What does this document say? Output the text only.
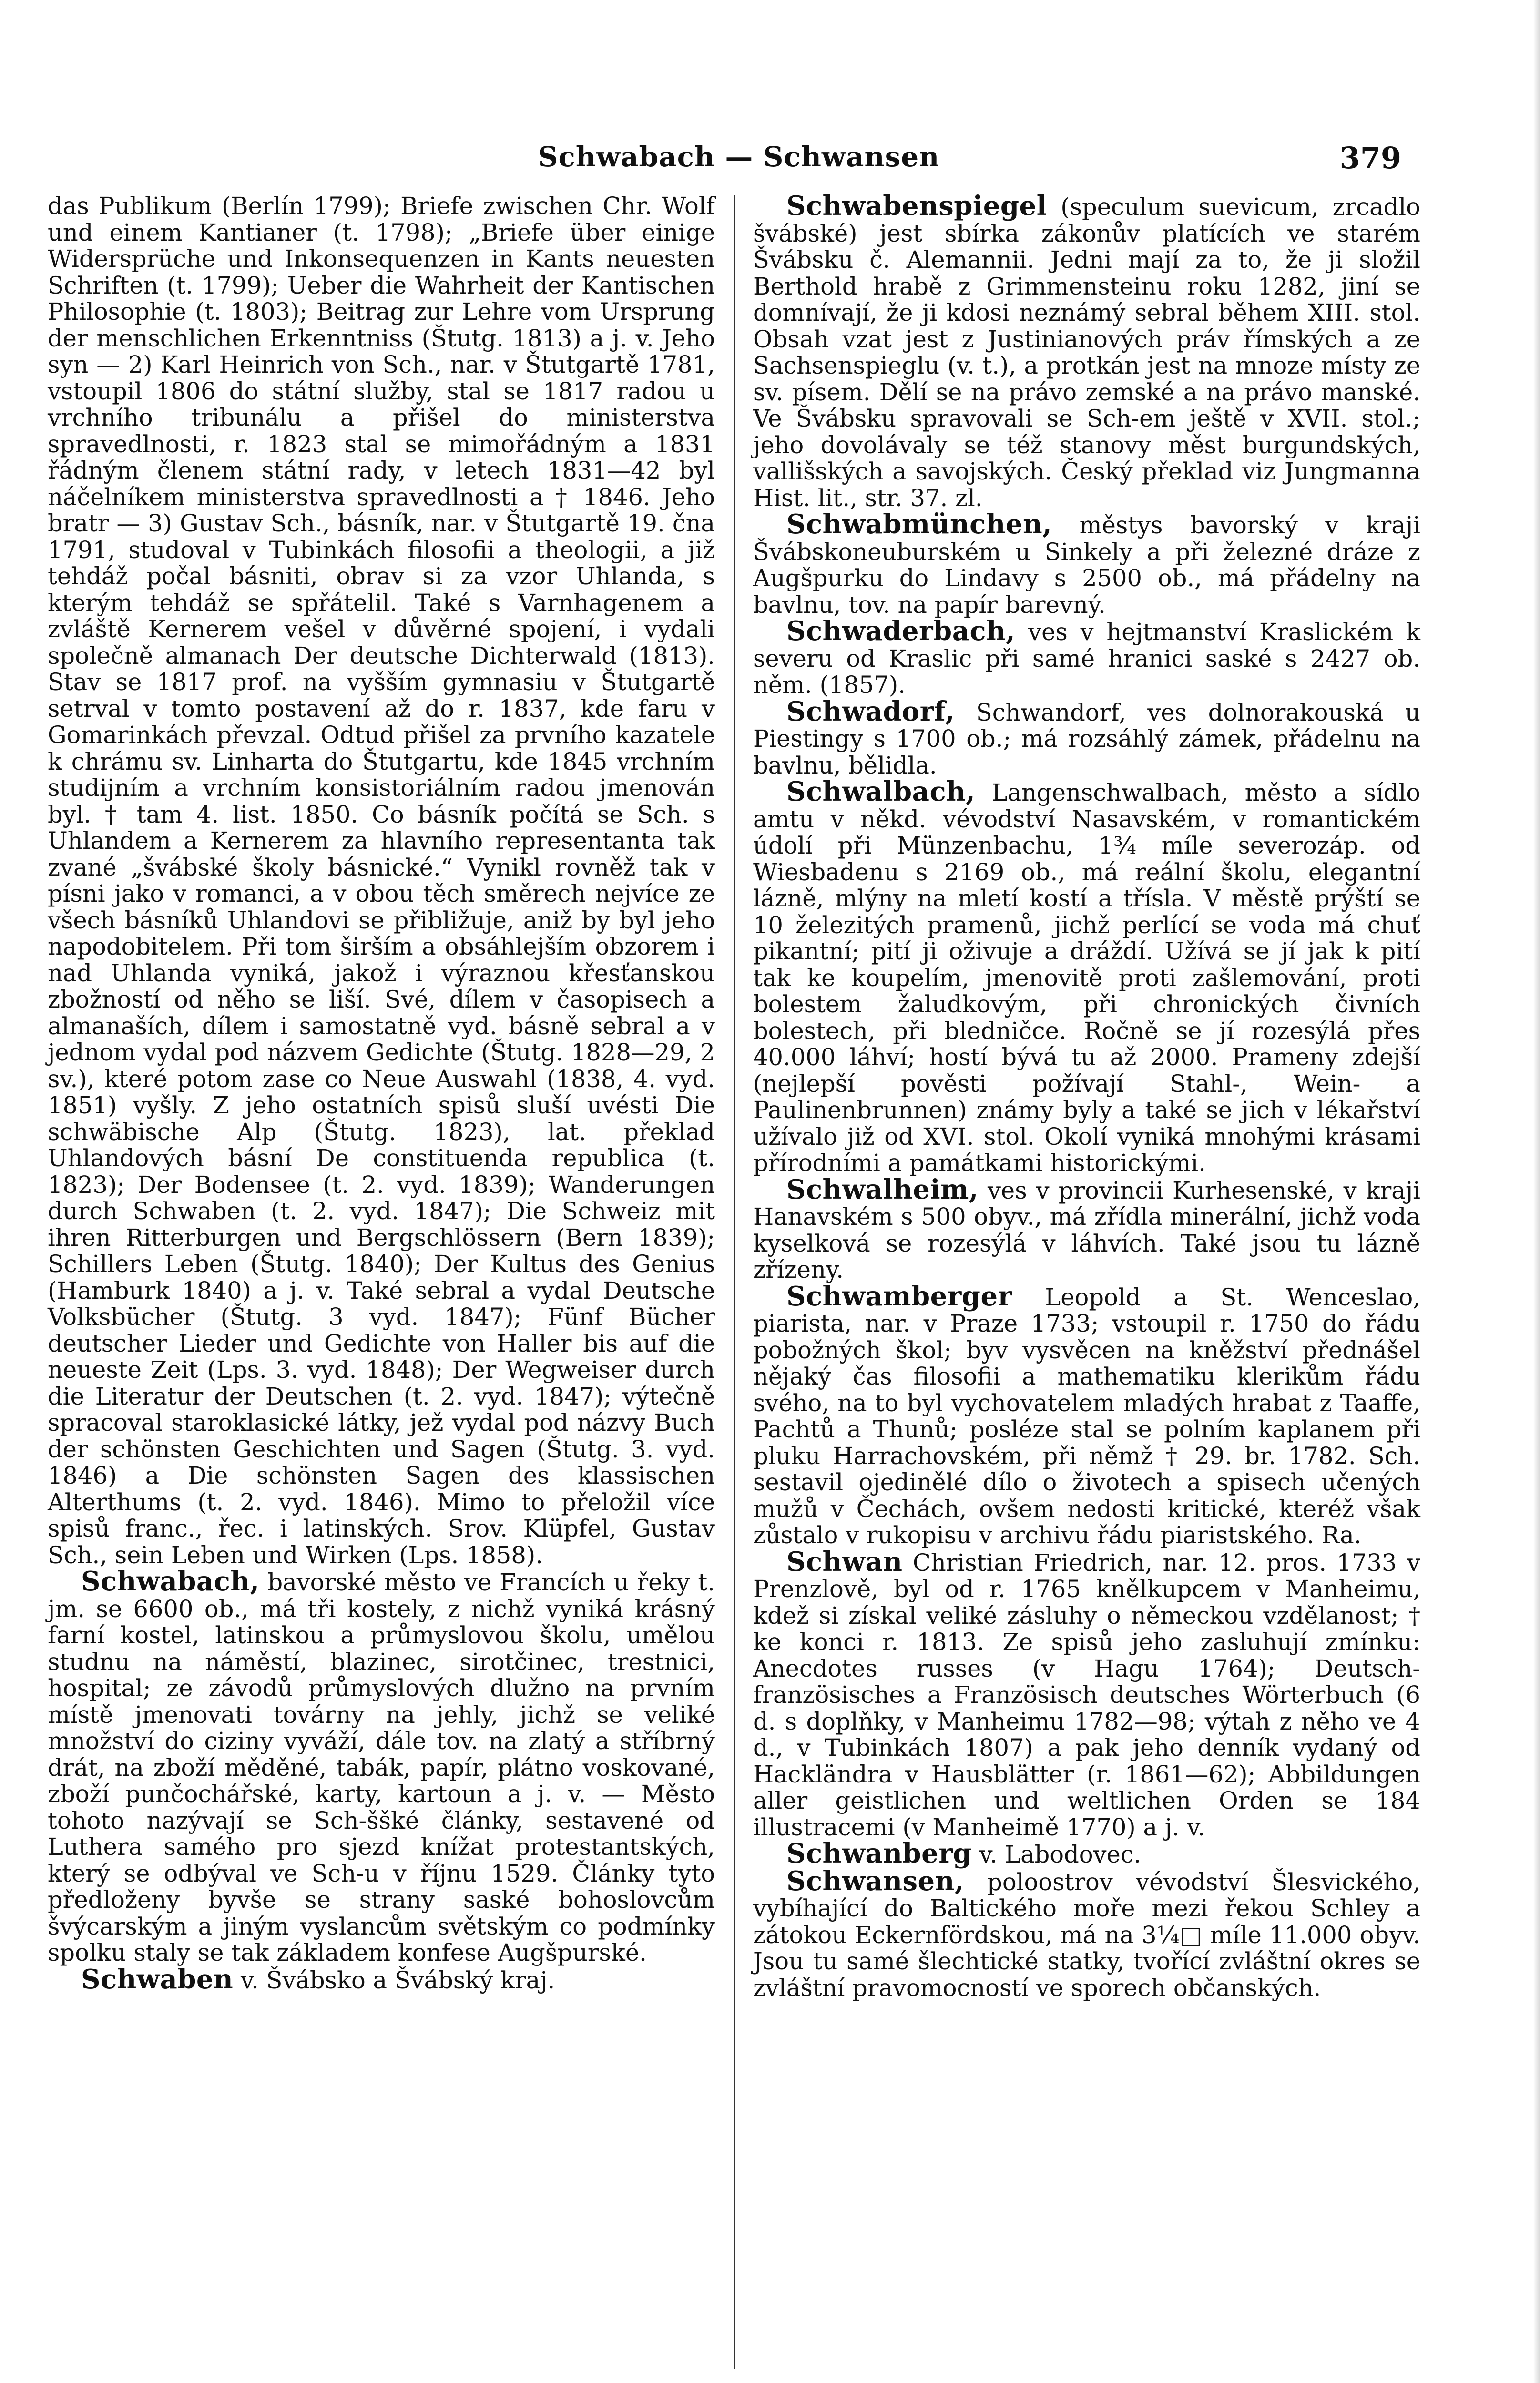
Schwabach — Schwansen	379

das Publikum (Berlín 1799); Briefe zwischen Chr. Wolf und einem Kantianer (t. 1798); „Briefe über einige Widersprüche und Inkonsequenzen in Kants neuesten Schriften (t. 1799); Ueber die Wahrheit der Kantischen Philosophie (t. 1803); Beitrag zur Lehre vom Ursprung der menschlichen Erkenntniss (Štutg. 1813) a j. v. Jeho syn — 2) Karl Heinrich von Sch., nar. v Štutgartě 1781, vstoupil 1806 do státní služby, stal se 1817 radou u vrchního tribunálu a přišel do ministerstva spravedlnosti, r. 1823 stal se mimořádným a 1831 řádným členem státní rady, v letech 1831—42 byl náčelníkem ministerstva spravedlnosti a † 1846. Jeho bratr — 3) Gustav Sch., básník, nar. v Štutgartě 19. čna 1791, studoval v Tubinkách filosofii a theologii, a již tehdáž počal básniti, obrav si za vzor Uhlanda, s kterým tehdáž se spřátelil. Také s Varnhagenem a zvláště Kernerem vešel v důvěrné spojení, i vydali společně almanach Der deutsche Dichterwald (1813). Stav se 1817 prof. na vyšším gymnasiu v Štutgartě setrval v tomto postavení až do r. 1837, kde faru v Gomarinkách převzal. Odtud přišel za prvního kazatele k chrámu sv. Linharta do Štutgartu, kde 1845 vrchním studijním a vrchním konsistoriálním radou jmenován byl. † tam 4. list. 1850. Co básník počítá se Sch. s Uhlandem a Kernerem za hlavního representanta tak zvané „švábské školy básnické.“ Vynikl rovněž tak v písni jako v romanci, a v obou těch směrech nejvíce ze všech básníků Uhlandovi se přibližuje, aniž by byl jeho napodobitelem. Při tom širším a obsáhlejším obzorem i nad Uhlanda vyniká, jakož i výraznou křesťanskou zbožností od něho se liší. Své, dílem v časopisech a almanaších, dílem i samostatně vyd. básně sebral a v jednom vydal pod názvem Gedichte (Štutg. 1828—29, 2 sv.), které potom zase co Neue Auswahl (1838, 4. vyd. 1851) vyšly. Z jeho ostatních spisů sluší uvésti Die schwäbische Alp (Štutg. 1823), lat. překlad Uhlandových básní De constituenda republica (t. 1823); Der Bodensee (t. 2. vyd. 1839); Wanderungen durch Schwaben (t. 2. vyd. 1847); Die Schweiz mit ihren Ritterburgen und Bergschlössern (Bern 1839); Schillers Leben (Štutg. 1840); Der Kultus des Genius (Hamburk 1840) a j. v. Také sebral a vydal Deutsche Volksbücher (Štutg. 3 vyd. 1847); Fünf Bücher deutscher Lieder und Gedichte von Haller bis auf die neueste Zeit (Lps. 3. vyd. 1848); Der Wegweiser durch die Literatur der Deutschen (t. 2. vyd. 1847); výtečně spracoval staroklasické látky, jež vydal pod názvy Buch der schönsten Geschichten und Sagen (Štutg. 3. vyd. 1846) a Die schönsten Sagen des klassischen Alterthums (t. 2. vyd. 1846). Mimo to přeložil více spisů franc., řec. i latinských. Srov. Klüpfel, Gustav Sch., sein Leben und Wirken (Lps. 1858).

Schwabach, bavorské město ve Francích u řeky t. jm. se 6600 ob., má tři kostely, z nichž vyniká krásný farní kostel, latinskou a průmyslovou školu, umělou studnu na náměstí, blazinec, sirotčinec, trestnici, hospital; ze závodů průmyslových dlužno na prvním místě jmenovati továrny na jehly, jichž se veliké množství do ciziny vyváží, dále tov. na zlatý a stříbrný drát, na zboží měděné, tabák, papír, plátno voskované, zboží punčochářské, karty, kartoun a j. v. — Město tohoto nazývají se Sch-ššké články, sestavené od Luthera samého pro sjezd knížat protestantských, který se odbýval ve Sch-u v říjnu 1529. Články tyto předloženy byvše se strany saské bohoslovcům švýcarským a jiným vyslancům světským co podmínky spolku staly se tak základem konfese Augšpurské.

Schwaben v. Švábsko a Švábský kraj.

Schwabenspiegel (speculum suevicum, zrcadlo švábské) jest sbírka zákonův platících ve starém Švábsku č. Alemannii. Jedni mají za to, že ji složil Berthold hrabě z Grimmensteinu roku 1282, jiní se domnívají, že ji kdosi neznámý sebral během XIII. stol. Obsah vzat jest z Justinianových práv římských a ze Sachsenspieglu (v. t.), a protkán jest na mnoze místy ze sv. písem. Dělí se na právo zemské a na právo manské. Ve Švábsku spravovali se Sch-em ještě v XVII. stol.; jeho dovolávaly se též stanovy měst burgundských, vallišských a savojských. Český překlad viz Jungmanna Hist. lit., str. 37. zl.

Schwabmünchen, městys bavorský v kraji Švábskoneuburském u Sinkely a při železné dráze z Augšpurku do Lindavy s 2500 ob., má přádelny na bavlnu, tov. na papír barevný.

Schwaderbach, ves v hejtmanství Kraslickém k severu od Kraslic při samé hranici saské s 2427 ob. něm. (1857).

Schwadorf, Schwandorf, ves dolnorakouská u Piestingy s 1700 ob.; má rozsáhlý zámek, přádelnu na bavlnu, bělidla.

Schwalbach, Langenschwalbach, město a sídlo amtu v někd. vévodství Nasavském, v romantickém údolí při Münzenbachu, 1¾ míle severozáp. od Wiesbadenu s 2169 ob., má reální školu, elegantní lázně, mlýny na mletí kostí a tříslа. V městě prýští se 10 železitých pramenů, jichž perlící se voda má chuť pikantní; pití ji oživuje a dráždí. Užívá se jí jak k pití tak ke koupelím, jmenovitě proti zašlemování, proti bolestem žaludkovým, při chronických čivních bolestech, při bledničce. Ročně se jí rozesýlá přes 40.000 láhví; hostí bývá tu až 2000. Prameny zdejší (nejlepší pověsti požívají Stahl-, Wein- a Paulinenbrunnen) známy byly a také se jich v lékařství užívalo již od XVI. stol. Okolí vyniká mnohými krásami přírodními a památkami historickými.

Schwalheim, ves v provincii Kurhesenské, v kraji Hanavském s 500 obyv., má zřídla minerální, jichž voda kyselková se rozesýlá v láhvích. Také jsou tu lázně zřízeny.

Schwamberger Leopold a St. Wenceslao, piarista, nar. v Praze 1733; vstoupil r. 1750 do řádu pobožných škol; byv vysvěcen na kněžství přednášel nějaký čas filosofii a mathematiku klerikům řádu svého, na to byl vychovatelem mladých hrabat z Taaffe, Pachtů a Thunů; posléze stal se polním kaplanem při pluku Harrachovském, při němž † 29. br. 1782. Sch. sestavil ojedinělé dílo o životech a spisech učených mužů v Čechách, ovšem nedosti kritické, kteréž však zůstalo v rukopisu v archivu řádu piaristského. Ra.

Schwan Christian Friedrich, nar. 12. pros. 1733 v Prenzlově, byl od r. 1765 knělkupcem v Manheimu, kdež si získal veliké zásluhy o německou vzdělanost; † ke konci r. 1813. Ze spisů jeho zasluhují zmínku: Anecdotes russes (v Hagu 1764); Deutsch-französisches a Französisch deutsches Wörterbuch (6 d. s doplňky, v Manheimu 1782—98; výtah z něho ve 4 d., v Tubinkách 1807) a pak jeho denník vydaný od Hackländra v Hausblätter (r. 1861—62); Abbildungen aller geistlichen und weltlichen Orden se 184 illustracemi (v Manheimě 1770) a j. v.

Schwanberg v. Labodovec.

Schwansen, poloostrov vévodství Šlesvického, vybíhající do Baltického moře mezi řekou Schley a zátokou Eckernfördskou, má na 3¼□ míle 11.000 obyv. Jsou tu samé šlechtické statky, tvořící zvláštní okres se zvláštní pravomocností ve sporech občanských.
